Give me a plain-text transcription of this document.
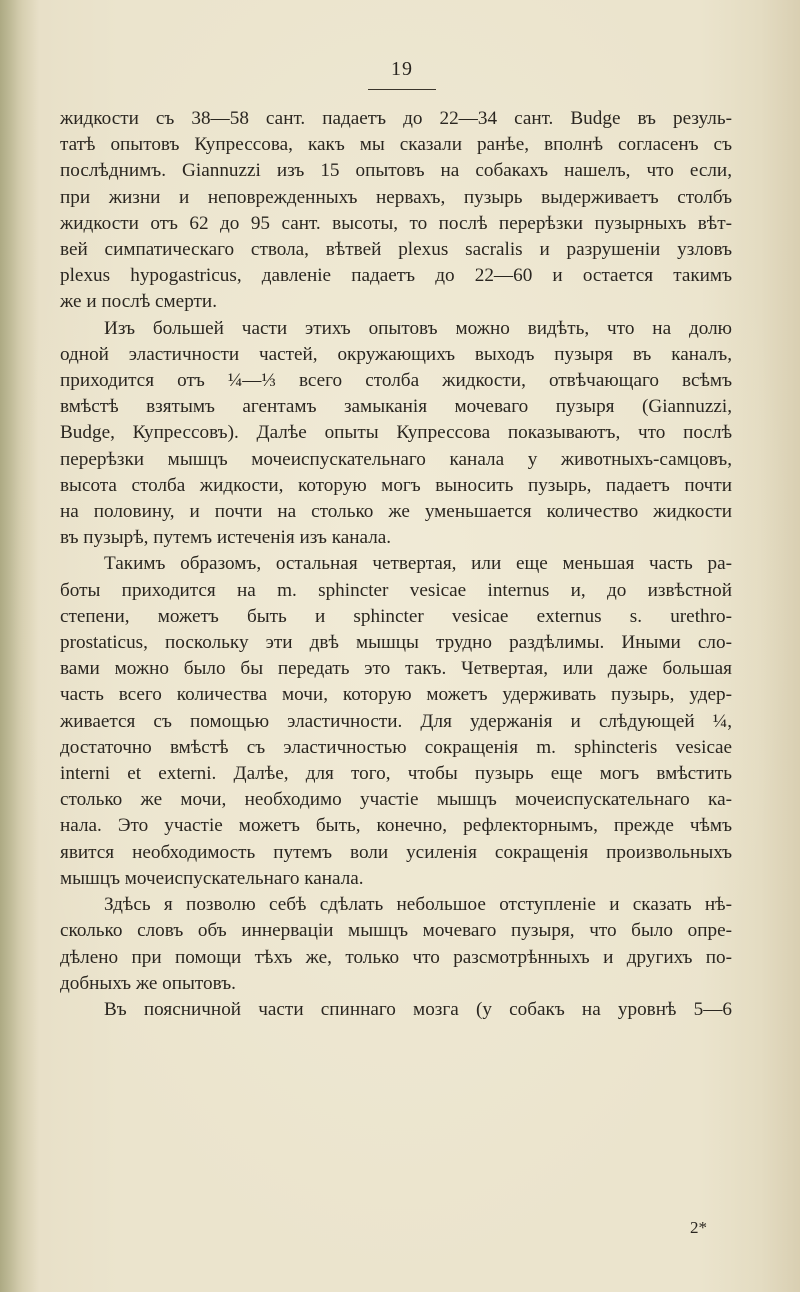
19
жидкости съ 38—58 сант. падаетъ до 22—34 сант. Budge въ резуль-
татѣ опытовъ Купрессова, какъ мы сказали ранѣе, вполнѣ согласенъ съ
послѣднимъ. Giannuzzi изъ 15 опытовъ на собакахъ нашелъ, что если,
при жизни и неповрежденныхъ нервахъ, пузырь выдерживаетъ столбъ
жидкости отъ 62 до 95 сант. высоты, то послѣ перерѣзки пузырныхъ вѣт-
вей симпатическаго ствола, вѣтвей plexus sacralis и разрушеніи узловъ
plexus hypogastricus, давленіе падаетъ до 22—60 и остается такимъ
же и послѣ смерти.
Изъ большей части этихъ опытовъ можно видѣть, что на долю
одной эластичности частей, окружающихъ выходъ пузыря въ каналъ,
приходится отъ ¼—⅓ всего столба жидкости, отвѣчающаго всѣмъ
вмѣстѣ взятымъ агентамъ замыканія мочеваго пузыря (Giannuzzi,
Budge, Купрессовъ). Далѣе опыты Купрессова показываютъ, что послѣ
перерѣзки мышцъ мочеиспускательнаго канала у животныхъ-самцовъ,
высота столба жидкости, которую могъ выносить пузырь, падаетъ почти
на половину, и почти на столько же уменьшается количество жидкости
въ пузырѣ, путемъ истеченія изъ канала.
Такимъ образомъ, остальная четвертая, или еще меньшая часть ра-
боты приходится на m. sphincter vesicae internus и, до извѣстной
степени, можетъ быть и sphincter vesicae externus s. urethro-
prostaticus, поскольку эти двѣ мышцы трудно раздѣлимы. Иными сло-
вами можно было бы передать это такъ. Четвертая, или даже большая
часть всего количества мочи, которую можетъ удерживать пузырь, удер-
живается съ помощью эластичности. Для удержанія и слѣдующей ¼,
достаточно вмѣстѣ съ эластичностью сокращенія m. sphincteris vesicae
interni et externi. Далѣе, для того, чтобы пузырь еще могъ вмѣстить
столько же мочи, необходимо участіе мышцъ мочеиспускательнаго ка-
нала. Это участіе можетъ быть, конечно, рефлекторнымъ, прежде чѣмъ
явится необходимость путемъ воли усиленія сокращенія произвольныхъ
мышцъ мочеиспускательнаго канала.
Здѣсь я позволю себѣ сдѣлать небольшое отступленіе и сказать нѣ-
сколько словъ объ иннерваціи мышцъ мочеваго пузыря, что было опре-
дѣлено при помощи тѣхъ же, только что разсмотрѣнныхъ и другихъ по-
добныхъ же опытовъ.
Въ поясничной части спиннаго мозга (у собакъ на уровнѣ 5—6
2*
